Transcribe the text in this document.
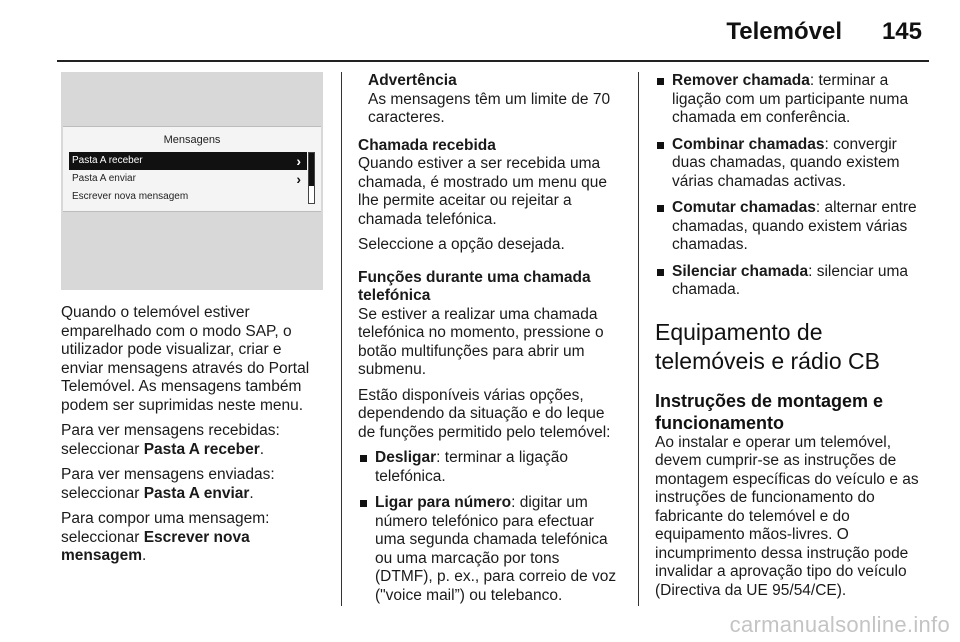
Telemóvel 145
Mensagens
Pasta A receber	›
Pasta A enviar	›
Escrever nova mensagem

Quando o telemóvel estiver emparelhado com o modo SAP, o utilizador pode visualizar, criar e enviar mensagens através do Portal Telemóvel. As mensagens também podem ser suprimidas neste menu.

Para ver mensagens recebidas: seleccionar Pasta A receber.

Para ver mensagens enviadas: seleccionar Pasta A enviar.

Para compor uma mensagem: seleccionar Escrever nova mensagem.

Advertência
As mensagens têm um limite de 70 caracteres.
Chamada recebida

Quando estiver a ser recebida uma chamada, é mostrado um menu que lhe permite aceitar ou rejeitar a chamada telefónica.

Seleccione a opção desejada.

Funções durante uma chamada telefónica

Se estiver a realizar uma chamada telefónica no momento, pressione o botão multifunções para abrir um submenu.

Estão disponíveis várias opções, dependendo da situação e do leque de funções permitido pelo telemóvel:

Desligar: terminar a ligação telefónica.
Ligar para número: digitar um número telefónico para efectuar uma segunda chamada telefónica ou uma marcação por tons (DTMF), p. ex., para correio de voz ("voice mail”) ou telebanco.
Remover chamada: terminar a ligação com um participante numa chamada em conferência.
Combinar chamadas: convergir duas chamadas, quando existem várias chamadas activas.
Comutar chamadas: alternar entre chamadas, quando existem várias chamadas.
Silenciar chamada: silenciar uma chamada.
Equipamento de telemóveis e rádio CB
Instruções de montagem e funcionamento

Ao instalar e operar um telemóvel, devem cumprir-se as instruções de montagem específicas do veículo e as instruções de funcionamento do fabricante do telemóvel e do equipamento mãos-livres. O incumprimento dessa instrução pode invalidar a aprovação tipo do veículo (Directiva da UE 95/54/CE).

carmanualsonline.info
